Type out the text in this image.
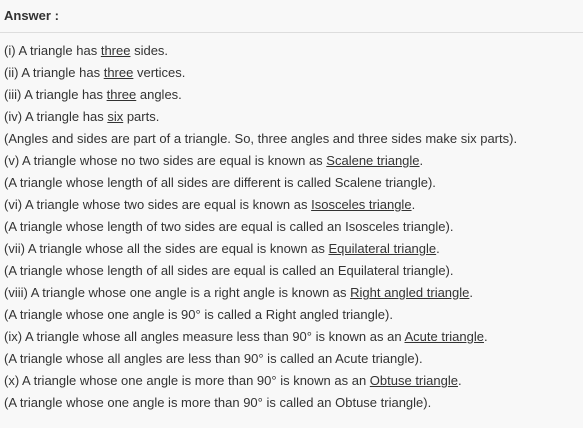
Answer :
(i) A triangle has three sides.
(ii) A triangle has three vertices.
(iii) A triangle has three angles.
(iv) A triangle has six parts.
(Angles and sides are part of a triangle. So, three angles and three sides make six parts).
(v) A triangle whose no two sides are equal is known as Scalene triangle.
(A triangle whose length of all sides are different is called Scalene triangle).
(vi) A triangle whose two sides are equal is known as Isosceles triangle.
(A triangle whose length of two sides are equal is called an Isosceles triangle).
(vii) A triangle whose all the sides are equal is known as Equilateral triangle.
(A triangle whose length of all sides are equal is called an Equilateral triangle).
(viii) A triangle whose one angle is a right angle is known as Right angled triangle.
(A triangle whose one angle is 90° is called a Right angled triangle).
(ix) A triangle whose all angles measure less than 90° is known as an Acute triangle.
(A triangle whose all angles are less than 90° is called an Acute triangle).
(x) A triangle whose one angle is more than 90° is known as an Obtuse triangle.
(A triangle whose one angle is more than 90° is called an Obtuse triangle).
